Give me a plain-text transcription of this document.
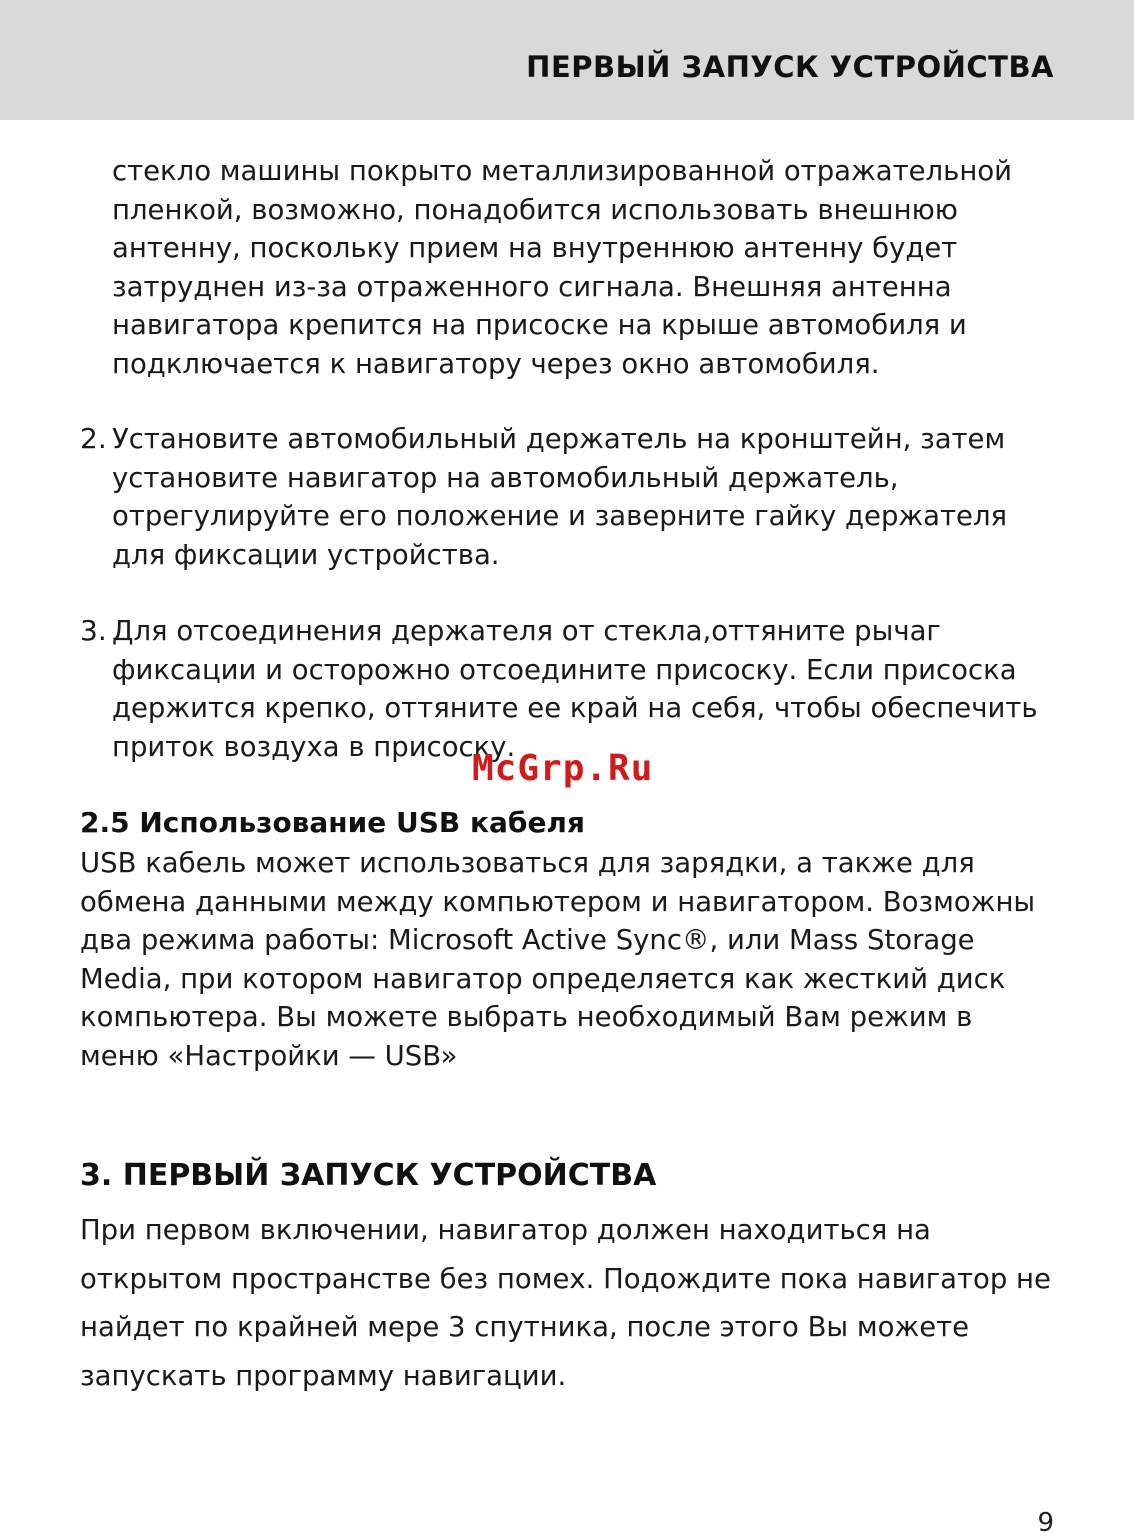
ПЕРВЫЙ ЗАПУСК УСТРОЙСТВА
стекло машины покрыто металлизированной отражательной
пленкой, возможно, понадобится использовать внешнюю
антенну, поскольку прием на внутреннюю антенну будет
затруднен из-за отраженного сигнала. Внешняя антенна
навигатора крепится на присоске на крыше автомобиля и
подключается к навигатору через окно автомобиля.
2. Установите автомобильный держатель на кронштейн, затем
установите навигатор на автомобильный держатель,
отрегулируйте его положение и заверните гайку держателя
для фиксации устройства.
3. Для отсоединения держателя от стекла,оттяните рычаг
фиксации и осторожно отсоедините присоску. Если присоска
держится крепко, оттяните ее край на себя, чтобы обеспечить
приток воздуха в присоску.
McGrp.Ru
2.5 Использование USB кабеля
USB кабель может использоваться для зарядки, а также для
обмена данными между компьютером и навигатором. Возможны
два режима работы: Microsoft Active Sync®, или Mass Storage
Media, при котором навигатор определяется как жесткий диск
компьютера. Вы можете выбрать необходимый Вам режим в
меню «Настройки — USB»
3. ПЕРВЫЙ ЗАПУСК УСТРОЙСТВА
При первом включении, навигатор должен находиться на
открытом пространстве без помех. Подождите пока навигатор не
найдет по крайней мере 3 спутника, после этого Вы можете
запускать программу навигации.
9
